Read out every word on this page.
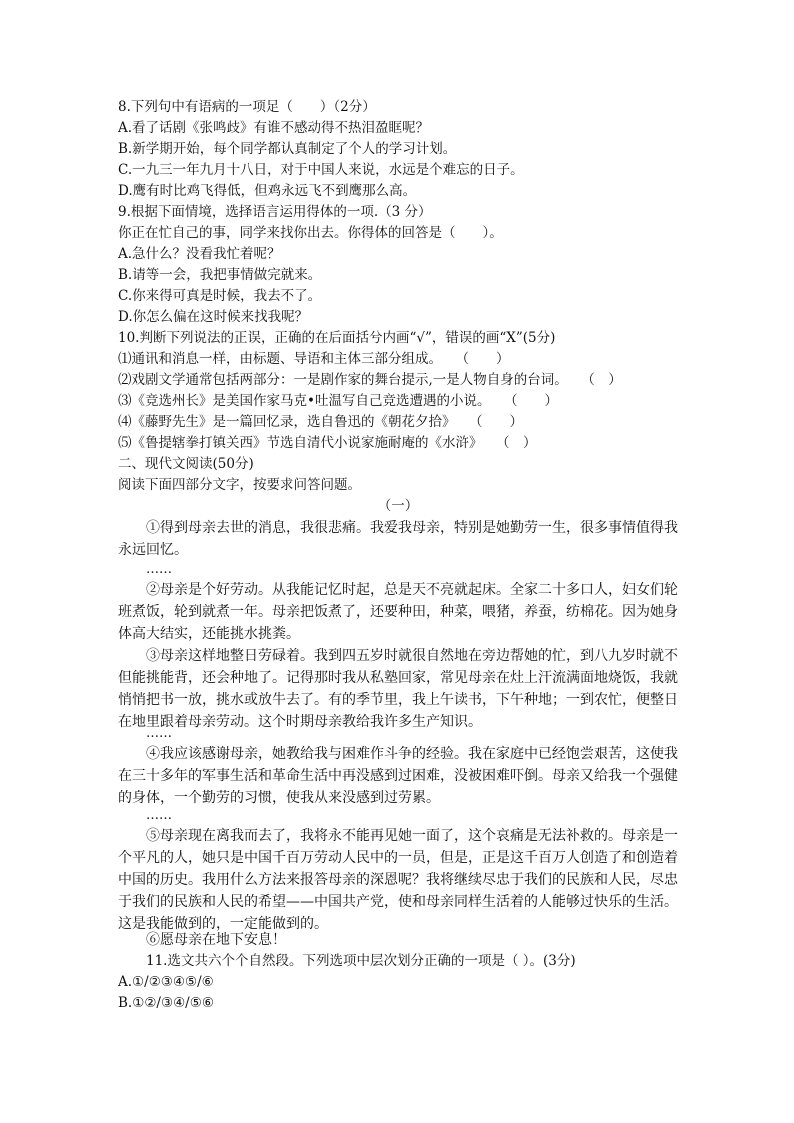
8.下列句中有语病的一项足（　　）（2分）
A.看了话剧《张鸣歧》有谁不感动得不热泪盈眶呢？
B.新学期开始，每个同学都认真制定了个人的学习计划。
C.一九三一年九月十八日，对于中国人来说，水远是个难忘的日子。
D.鹰有时比鸡飞得低，但鸡永远飞不到鹰那么高。
9.根据下面情境，选择语言运用得体的一项.（3 分）
你正在忙自己的事，同学来找你出去。你得体的回答是（　　）。
A.急什么？没看我忙着呢？
B.请等一会，我把事情做完就来。
C.你来得可真是时候，我去不了。
D.你怎么偏在这时候来找我呢？
10.判断下列说法的正误，正确的在后面括兮内画“√”，错误的画“X”(5分)
⑴通讯和消息一样，由标题、导语和主体三部分组成。　　（　　）
⑵戏剧文学通常包括两部分：一是剧作家的舞台提示,一是人物自身的台词。　　（　）
⑶《竞选州长》是美国作家马克•吐温写自己竞选遭遇的小说。　　（　　）
⑷《藤野先生》是一篇回忆录，选自鲁迅的《朝花夕拾》　　（　　）
⑸《鲁提辖拳打镇关西》节选自清代小说家施耐庵的《水浒》　　（　）
二、现代文阅读(50分)
阅读下面四部分文字，按要求问答问题。
（一）
①得到母亲去世的消息，我很悲痛。我爱我母亲，特别是她勤劳一生，很多事情值得我永远回忆。
……
②母亲是个好劳动。从我能记忆时起，总是天不亮就起床。全家二十多口人，妇女们轮班煮饭，轮到就煮一年。母亲把饭煮了，还要种田，种菜，喂猪，养蚕，纺棉花。因为她身体高大结实，还能挑水挑粪。
③母亲这样地整日劳碌着。我到四五岁时就很自然地在旁边帮她的忙，到八九岁时就不但能挑能背，还会种地了。记得那时我从私塾回家，常见母亲在灶上汗流满面地烧饭，我就悄悄把书一放，挑水或放牛去了。有的季节里，我上午读书，下午种地；一到农忙，便整日在地里跟着母亲劳动。这个时期母亲教给我许多生产知识。
……
④我应该感谢母亲，她教给我与困难作斗争的经验。我在家庭中已经饱尝艰苦，这使我在三十多年的军事生活和革命生活中再没感到过困难，没被困难吓倒。母亲又给我一个强健的身体，一个勤劳的习惯，使我从来没感到过劳累。
……
⑤母亲现在离我而去了，我将永不能再见她一面了，这个哀痛是无法补救的。母亲是一个平凡的人，她只是中国千百万劳动人民中的一员，但是，正是这千百万人创造了和创造着中国的历史。我用什么方法来报答母亲的深恩呢？我将继续尽忠于我们的民族和人民，尽忠于我们的民族和人民的希望——中国共产党，使和母亲同样生活着的人能够过快乐的生活。这是我能做到的，一定能做到的。
⑥愿母亲在地下安息！
11.选文共六个个自然段。下列选项中层次划分正确的一项是（ ）。(3分)
A.①/②③④⑤/⑥
B.①②/③④/⑤⑥
